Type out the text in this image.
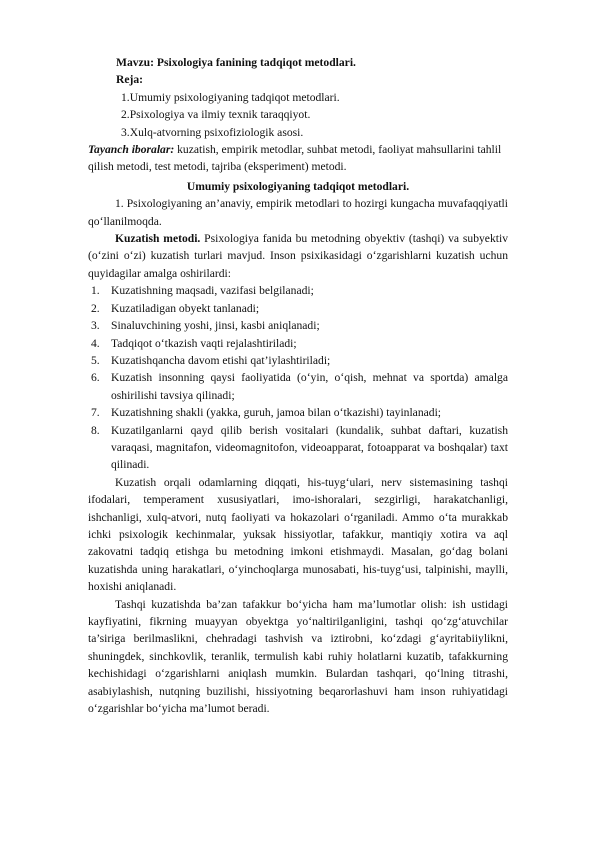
Mavzu: Psixologiya fanining tadqiqot metodlari.
Reja:
1.Umumiy psixologiyaning tadqiqot metodlari.
2.Psixologiya va ilmiy texnik taraqqiyot.
3.Xulq-atvorning psixofiziologik asosi.

Tayanch iboralar: kuzatish, empirik metodlar, suhbat metodi, faoliyat mahsullarini tahlil qilish metodi, test metodi, tajriba (eksperiment) metodi.

Umumiy psixologiyaning tadqiqot metodlari.

1. Psixologiyaning an’anaviy, empirik metodlari to hozirgi kungacha muvafaqqiyatli qo‘llanilmoqda.

Kuzatish metodi. Psixologiya fanida bu metodning obyektiv (tashqi) va subyektiv (o‘zini o‘zi) kuzatish turlari mavjud. Inson psixikasidagi o‘zgarishlarni kuzatish uchun quyidagilar amalga oshirilardi:

1. Kuzatishning maqsadi, vazifasi belgilanadi;
2. Kuzatiladigan obyekt tanlanadi;
3. Sinaluvchining yoshi, jinsi, kasbi aniqlanadi;
4. Tadqiqot o‘tkazish vaqti rejalashtiriladi;
5. Kuzatishqancha davom etishi qat’iylashtiriladi;
6. Kuzatish insonning qaysi faoliyatida (o‘yin, o‘qish, mehnat va sportda) amalga oshirilishi tavsiya qilinadi;
7. Kuzatishning shakli (yakka, guruh, jamoa bilan o‘tkazishi) tayinlanadi;
8. Kuzatilganlarni qayd qilib berish vositalari (kundalik, suhbat daftari, kuzatish varaqasi, magnitafon, videomagnitofon, videoapparat, fotoapparat va boshqalar) taxt qilinadi.

Kuzatish orqali odamlarning diqqati, his-tuyg‘ulari, nerv sistemasining tashqi ifodalari, temperament xususiyatlari, imo-ishoralari, sezgirligi, harakatchanligi, ishchanligi, xulq-atvori, nutq faoliyati va hokazolari o‘rganiladi. Ammo o‘ta murakkab ichki psixologik kechinmalar, yuksak hissiyotlar, tafakkur, mantiqiy xotira va aql zakovatni tadqiq etishga bu metodning imkoni etishmaydi. Masalan, go‘dag bolani kuzatishda uning harakatlari, o‘yinchoqlarga munosabati, his-tuyg‘usi, talpinishi, maylli, hoxishi aniqlanadi.

Tashqi kuzatishda ba’zan tafakkur bo‘yicha ham ma’lumotlar olish: ish ustidagi kayfiyatini, fikrning muayyan obyektga yo‘naltirilganligini, tashqi qo‘zg‘atuvchilar ta’siriga berilmaslikni, chehradagi tashvish va iztirobni, ko‘zdagi g‘ayritabiiylikni, shuningdek, sinchkovlik, teranlik, termulish kabi ruhiy holatlarni kuzatib, tafakkurning kechishidagi o‘zgarishlarni aniqlash mumkin. Bulardan tashqari, qo‘lning titrashi, asabiylashish, nutqning buzilishi, hissiyotning beqarorlashuvi ham inson ruhiyatidagi o‘zgarishlar bo‘yicha ma’lumot beradi.
